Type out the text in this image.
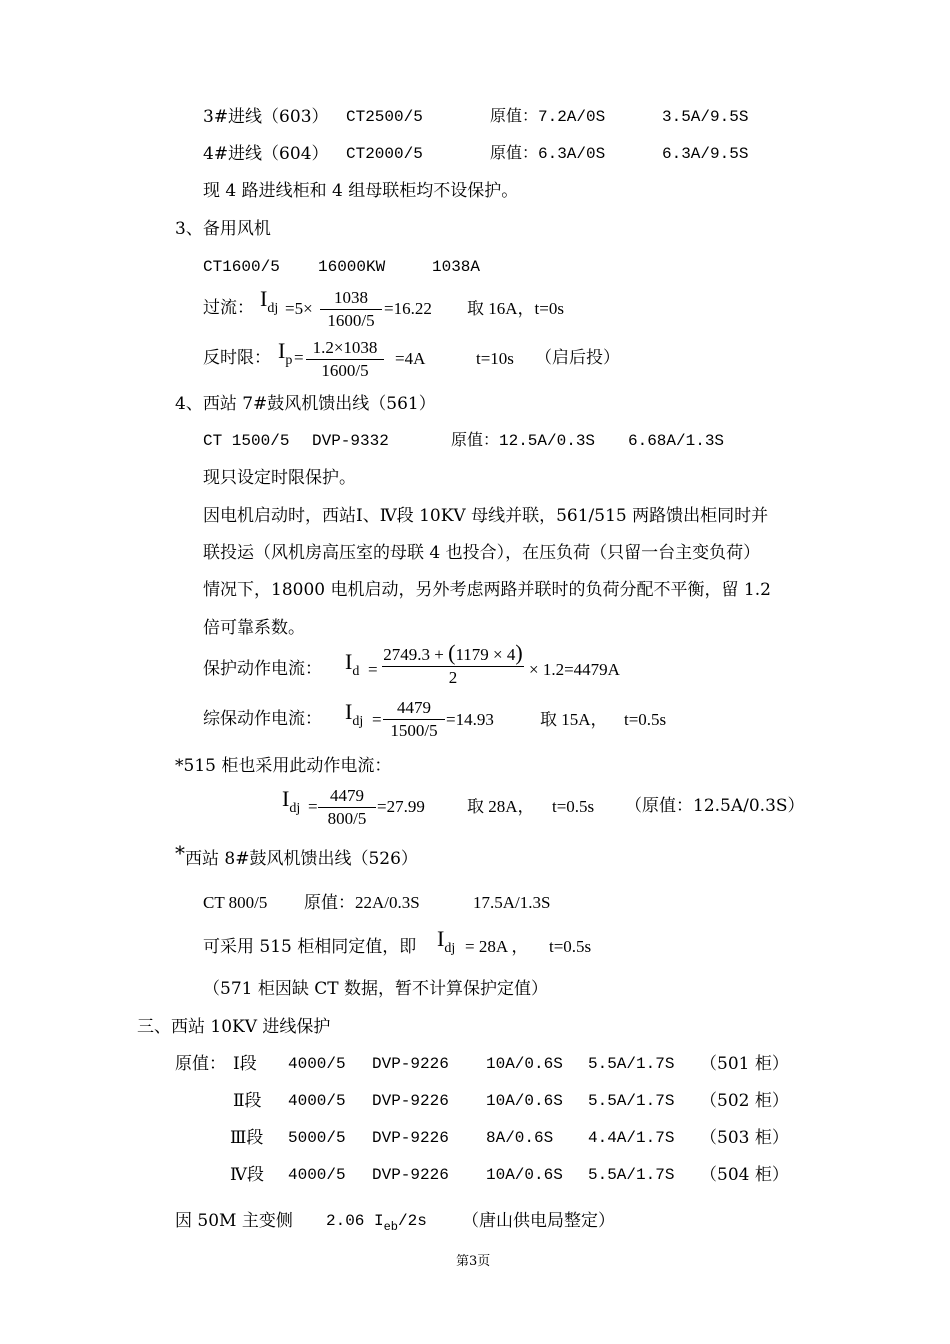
3#进线（603） CT2500/5	原值：7.2A/0S	3.5A/9.5S
4#进线（604） CT2000/5	原值：6.3A/0S	6.3A/9.5S
现 4 路进线柜和 4 组母联柜均不设保护。
3、备用风机
CT1600/5 16000KW	1038A
过流： $I_{dj} =5\times$
1038
1600/5
=16.22 取 16A，t=0s
反时限： $I_p$ =
1.2×1038
1600/5
=4A	t=10s （启后投）
4、西站 7#鼓风机馈出线（561）
CT 1500/5 DVP-9332	原值：12.5A/0.3S 6.68A/1.3S
现只设定时限保护。
因电机启动时，西站Ⅰ、Ⅳ段 10KV 母线并联，561/515 两路馈出柜同时并
联投运（风机房高压室的母联 4 也投合），在压负荷（只留一台主变负荷）
情况下，18000 电机启动，另外考虑两路并联时的负荷分配不平衡，留 1.2
倍可靠系数。
保护动作电流： $I_d$ =
2749.3 + (1179 × 4)
2	× 1.2=4479A
综保动作电流： $I_{dj}$ =
4479
1500/5
=14.93	取 15A， t=0.5s
*515 柜也采用此动作电流：
$I_{dj}$ =
4479
800/5
=27.99 取 28A， t=0.5s （原值：12.5A/0.3S）
*西站 8#鼓风机馈出线（526）
CT 800/5 原值：22A/0.3S	17.5A/1.3S
可采用 515 柜相同定值，即 $I_{dj} = 28A$ ， t=0.5s
（571 柜因缺 CT 数据，暂不计算保护定值）
三、西站 10KV 进线保护
原值： Ⅰ段 4000/5 DVP-9226 10A/0.6S 5.5A/1.7S （501 柜）
Ⅱ段 4000/5 DVP-9226 10A/0.6S 5.5A/1.7S （502 柜）
Ⅲ段 5000/5 DVP-9226 8A/0.6S 4.4A/1.7S （503 柜）
Ⅳ段 4000/5 DVP-9226 10A/0.6S 5.5A/1.7S （504 柜）
因 50M 主变侧 2.06 $I_{eb}/2s$ （唐山供电局整定）
第3页
